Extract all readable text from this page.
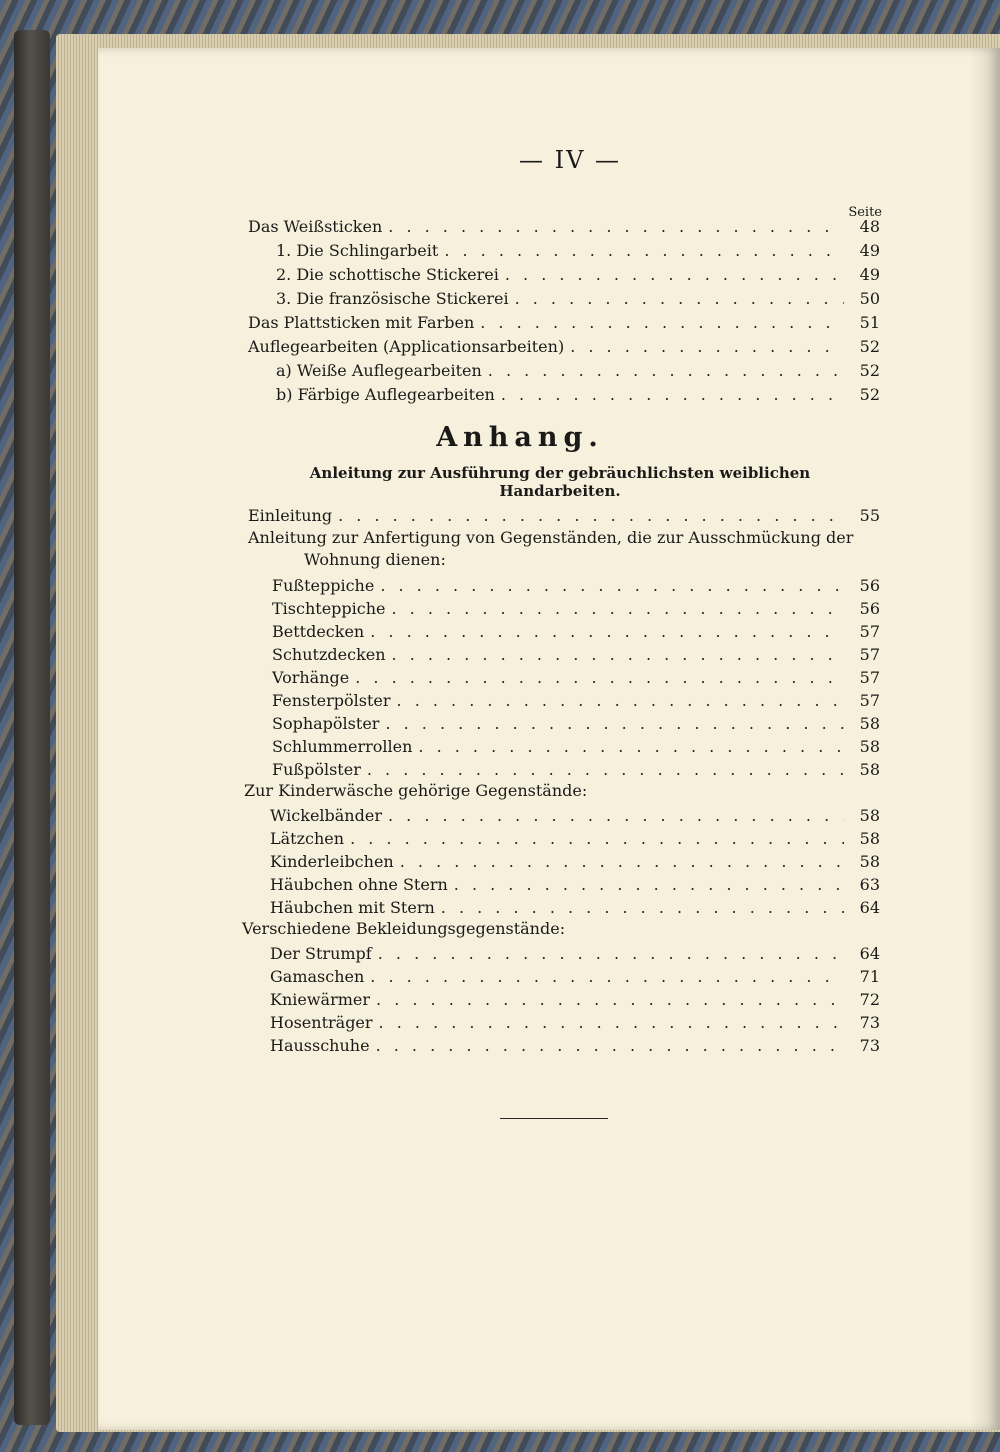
— IV —
Seite
Das Weißsticken . . .	48
1. Die Schlingarbeit . . .	49
2. Die schottische Stickerei . . .	49
3. Die französische Stickerei . . .	50
Das Plattsticken mit Farben . . .	51
Auflegearbeiten (Applicationsarbeiten) . . .	52
a) Weiße Auflegearbeiten . . .	52
b) Färbige Auflegearbeiten . . .	52
Anhang.
Anleitung zur Ausführung der gebräuchlichsten weiblichen Handarbeiten.
Einleitung . . .	55
Anleitung zur Anfertigung von Gegenständen, die zur Ausschmückung der
Wohnung dienen:
Fußteppiche . . .	56
Tischteppiche . . .	56
Bettdecken . . .	57
Schutzdecken . . .	57
Vorhänge . . .	57
Fensterpölster . . .	57
Sophapölster . . .	58
Schlummerrollen . . .	58
Fußpölster . . .	58
Zur Kinderwäsche gehörige Gegenstände:
Wickelbänder . . .	58
Lätzchen . . .	58
Kinderleibchen . . .	58
Häubchen ohne Stern . . .	63
Häubchen mit Stern . . .	64
Verschiedene Bekleidungsgegenstände:
Der Strumpf . . .	64
Gamaschen . . .	71
Kniewärmer . . .	72
Hosenträger . . .	73
Hausschuhe . . .	73
